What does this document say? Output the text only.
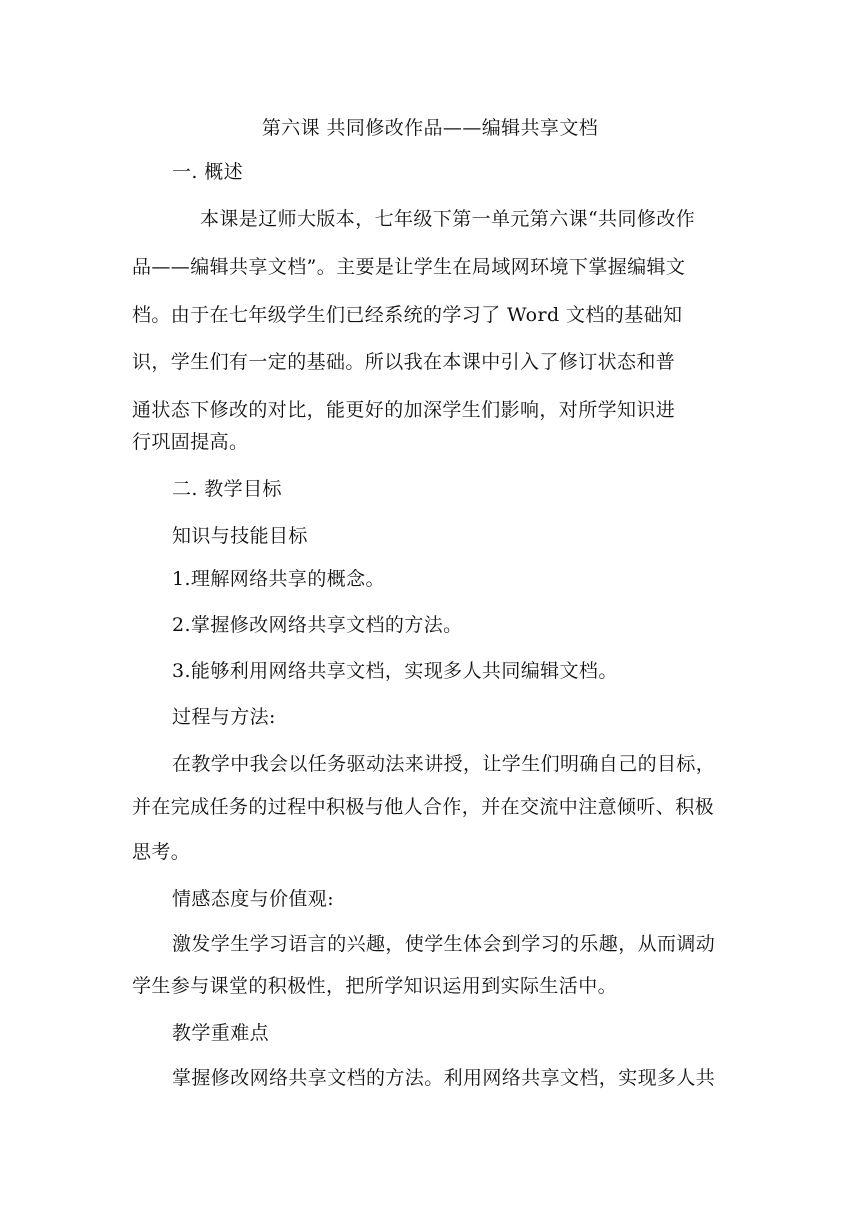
第六课 共同修改作品——编辑共享文档
一. 概述
本课是辽师大版本，七年级下第一单元第六课“共同修改作
品——编辑共享文档”。主要是让学生在局域网环境下掌握编辑文
档。由于在七年级学生们已经系统的学习了 Word 文档的基础知
识，学生们有一定的基础。所以我在本课中引入了修订状态和普
通状态下修改的对比，能更好的加深学生们影响，对所学知识进
行巩固提高。
二. 教学目标
知识与技能目标
1.理解网络共享的概念。
2.掌握修改网络共享文档的方法。
3.能够利用网络共享文档，实现多人共同编辑文档。
过程与方法:
在教学中我会以任务驱动法来讲授，让学生们明确自己的目标，
并在完成任务的过程中积极与他人合作，并在交流中注意倾听、积极
思考。
情感态度与价值观:
激发学生学习语言的兴趣，使学生体会到学习的乐趣，从而调动
学生参与课堂的积极性，把所学知识运用到实际生活中。
教学重难点
掌握修改网络共享文档的方法。利用网络共享文档，实现多人共
